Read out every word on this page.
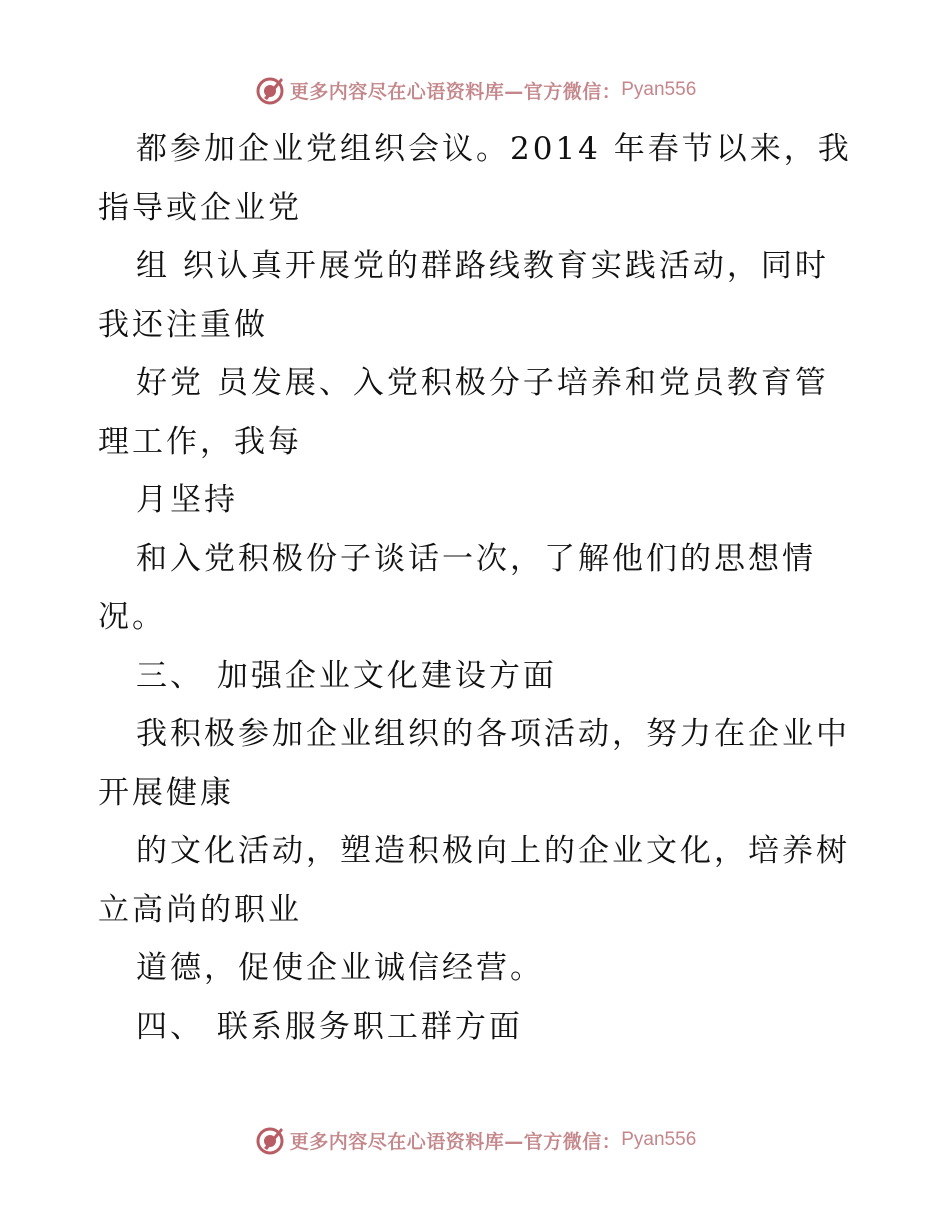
更多内容尽在心语资料库—官方微信： Pyan556
都参加企业党组织会议。2014 年春节以来，我
指导或企业党
组 织认真开展党的群路线教育实践活动，同时
我还注重做
好党 员发展、入党积极分子培养和党员教育管
理工作，我每
月坚持
和入党积极份子谈话一次，了解他们的思想情
况。
三、 加强企业文化建设方面
我积极参加企业组织的各项活动，努力在企业中
开展健康
的文化活动，塑造积极向上的企业文化，培养树
立高尚的职业
道德，促使企业诚信经营。
四、 联系服务职工群方面
更多内容尽在心语资料库—官方微信： Pyan556
